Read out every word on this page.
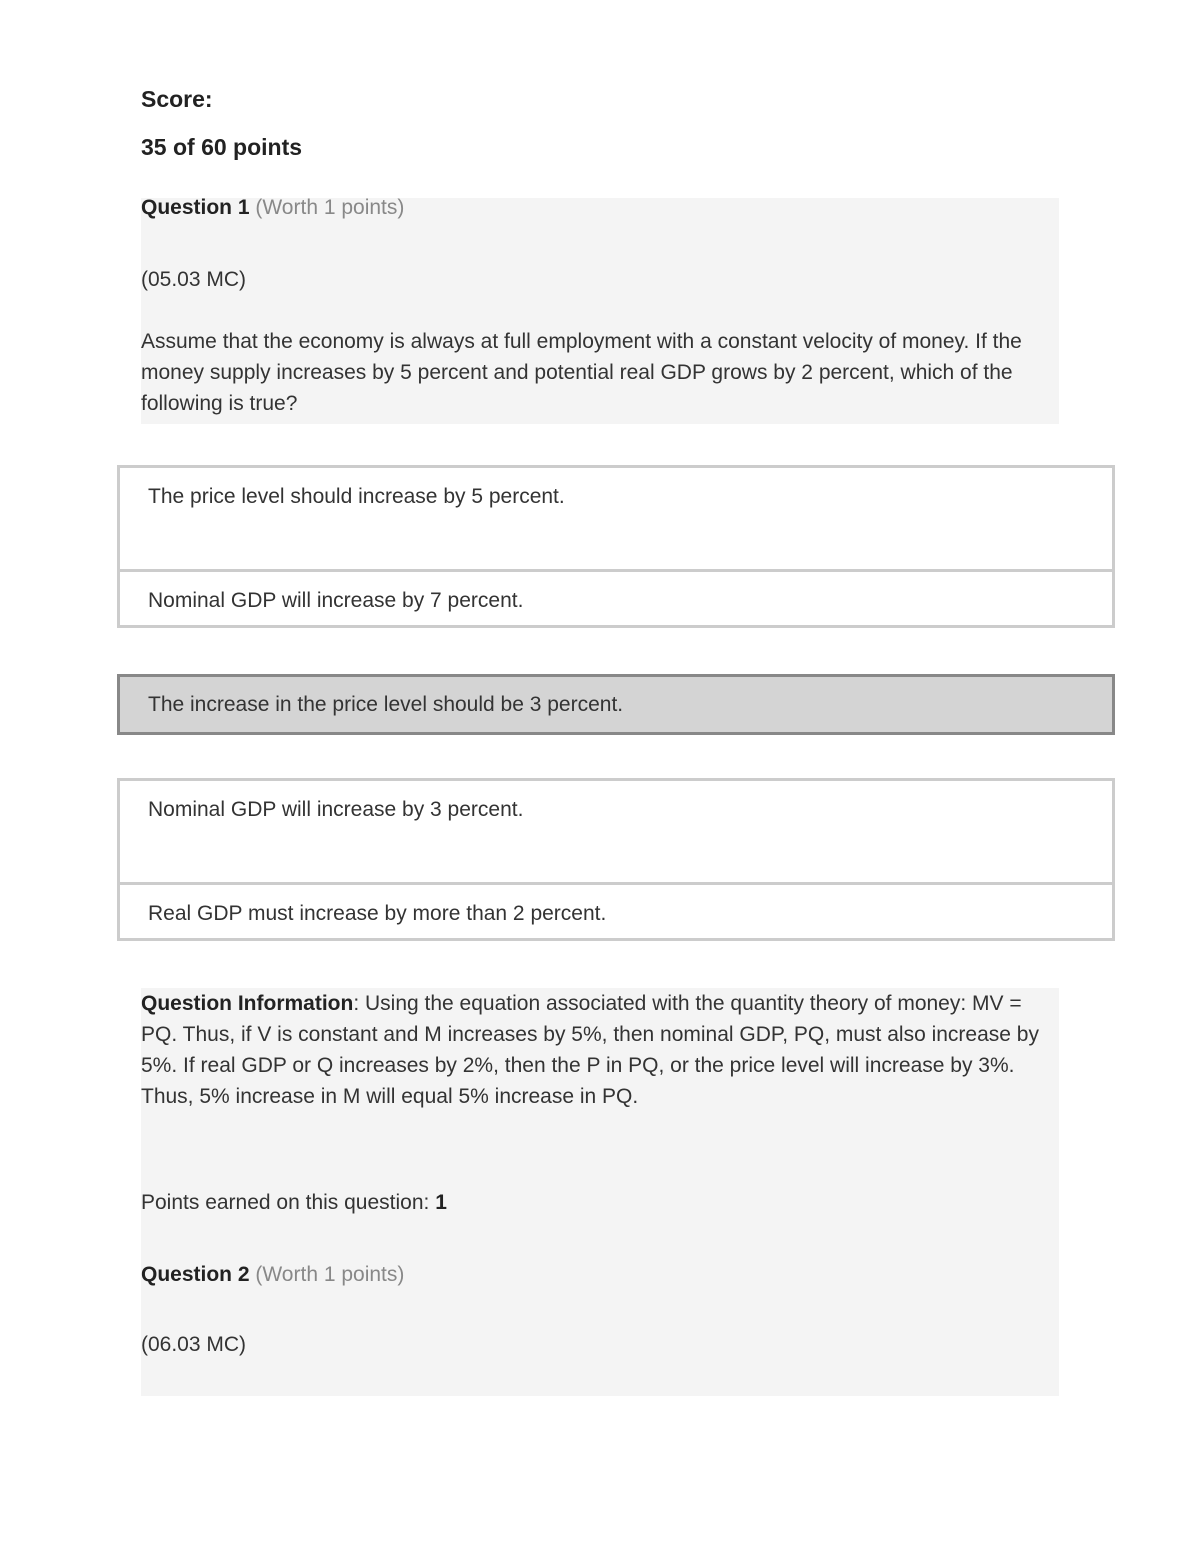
Score:
35 of 60 points
Question 1 (Worth 1 points)
(05.03 MC)
Assume that the economy is always at full employment with a constant velocity of money. If the money supply increases by 5 percent and potential real GDP grows by 2 percent, which of the following is true?
The price level should increase by 5 percent.
Nominal GDP will increase by 7 percent.
The increase in the price level should be 3 percent.
Nominal GDP will increase by 3 percent.
Real GDP must increase by more than 2 percent.
Question Information: Using the equation associated with the quantity theory of money: MV = PQ. Thus, if V is constant and M increases by 5%, then nominal GDP, PQ, must also increase by 5%. If real GDP or Q increases by 2%, then the P in PQ, or the price level will increase by 3%. Thus, 5% increase in M will equal 5% increase in PQ.
Points earned on this question: 1
Question 2 (Worth 1 points)
(06.03 MC)
